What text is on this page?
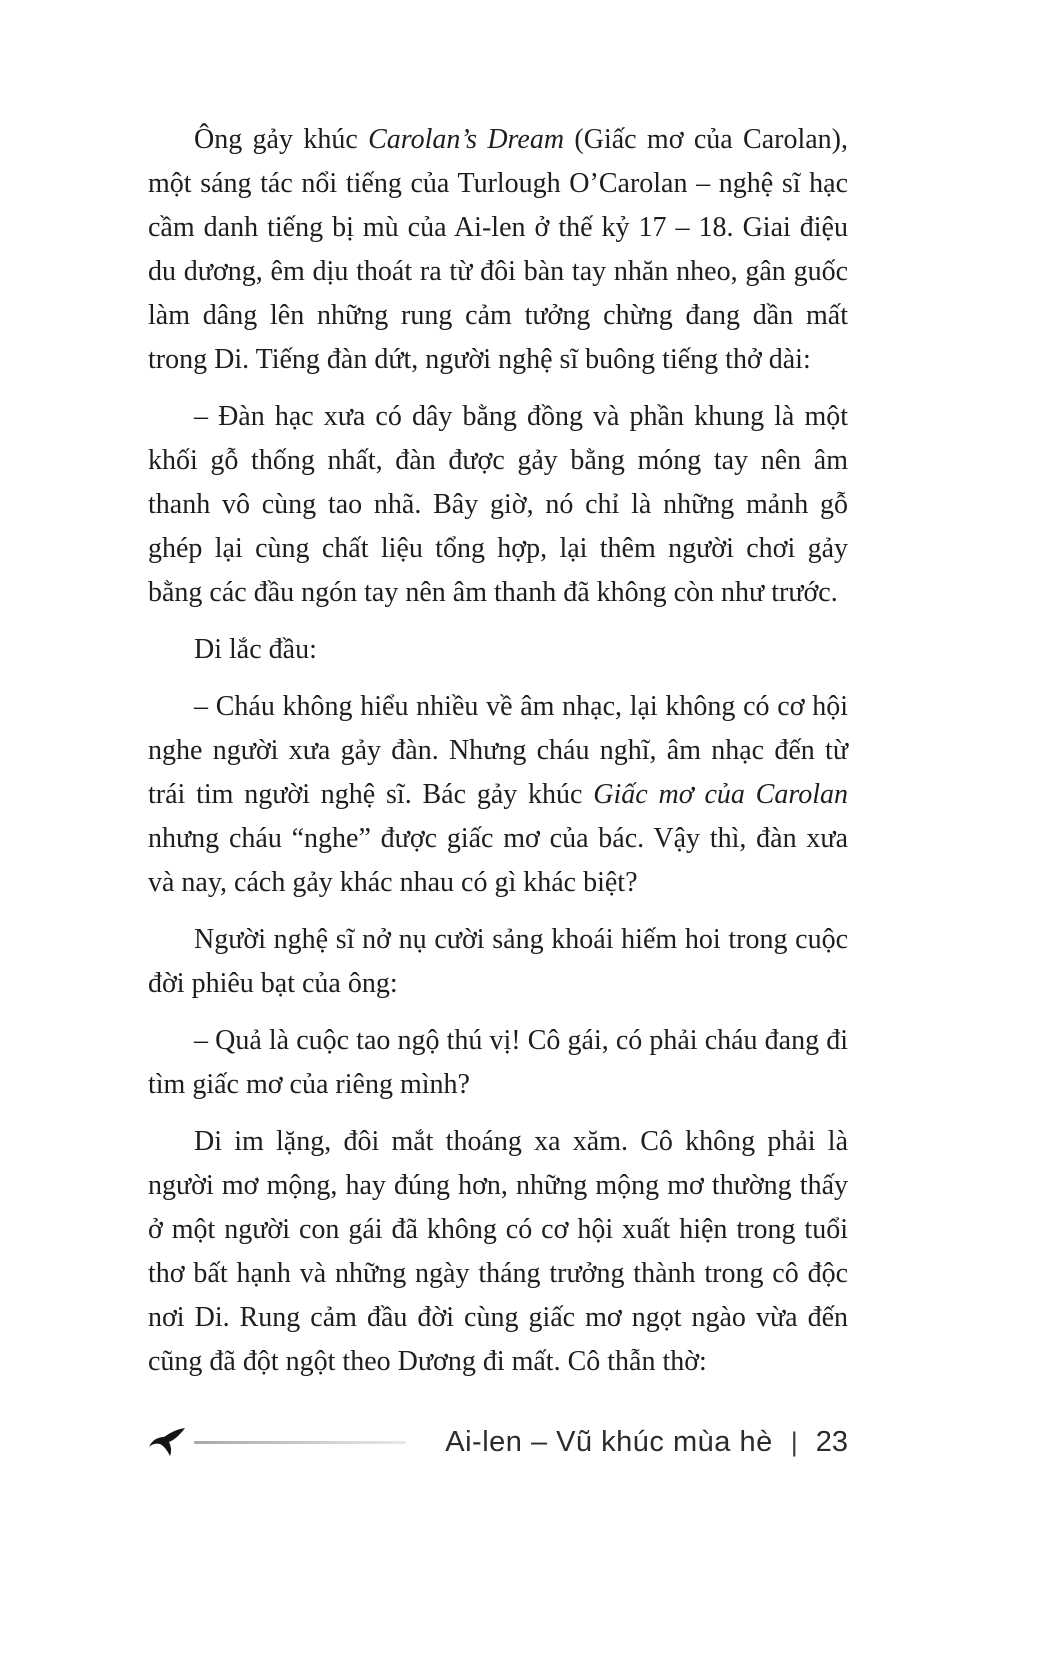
Ông gảy khúc Carolan’s Dream (Giấc mơ của Carolan), một sáng tác nổi tiếng của Turlough O’Carolan – nghệ sĩ hạc cầm danh tiếng bị mù của Ai-len ở thế kỷ 17 – 18. Giai điệu du dương, êm dịu thoát ra từ đôi bàn tay nhăn nheo, gân guốc làm dâng lên những rung cảm tưởng chừng đang dần mất trong Di. Tiếng đàn dứt, người nghệ sĩ buông tiếng thở dài:

– Đàn hạc xưa có dây bằng đồng và phần khung là một khối gỗ thống nhất, đàn được gảy bằng móng tay nên âm thanh vô cùng tao nhã. Bây giờ, nó chỉ là những mảnh gỗ ghép lại cùng chất liệu tổng hợp, lại thêm người chơi gảy bằng các đầu ngón tay nên âm thanh đã không còn như trước.

Di lắc đầu:

– Cháu không hiểu nhiều về âm nhạc, lại không có cơ hội nghe người xưa gảy đàn. Nhưng cháu nghĩ, âm nhạc đến từ trái tim người nghệ sĩ. Bác gảy khúc Giấc mơ của Carolan nhưng cháu “nghe” được giấc mơ của bác. Vậy thì, đàn xưa và nay, cách gảy khác nhau có gì khác biệt?

Người nghệ sĩ nở nụ cười sảng khoái hiếm hoi trong cuộc đời phiêu bạt của ông:

– Quả là cuộc tao ngộ thú vị! Cô gái, có phải cháu đang đi tìm giấc mơ của riêng mình?

Di im lặng, đôi mắt thoáng xa xăm. Cô không phải là người mơ mộng, hay đúng hơn, những mộng mơ thường thấy ở một người con gái đã không có cơ hội xuất hiện trong tuổi thơ bất hạnh và những ngày tháng trưởng thành trong cô độc nơi Di. Rung cảm đầu đời cùng giấc mơ ngọt ngào vừa đến cũng đã đột ngột theo Dương đi mất. Cô thẫn thờ:

Ai-len – Vũ khúc mùa hè | 23
